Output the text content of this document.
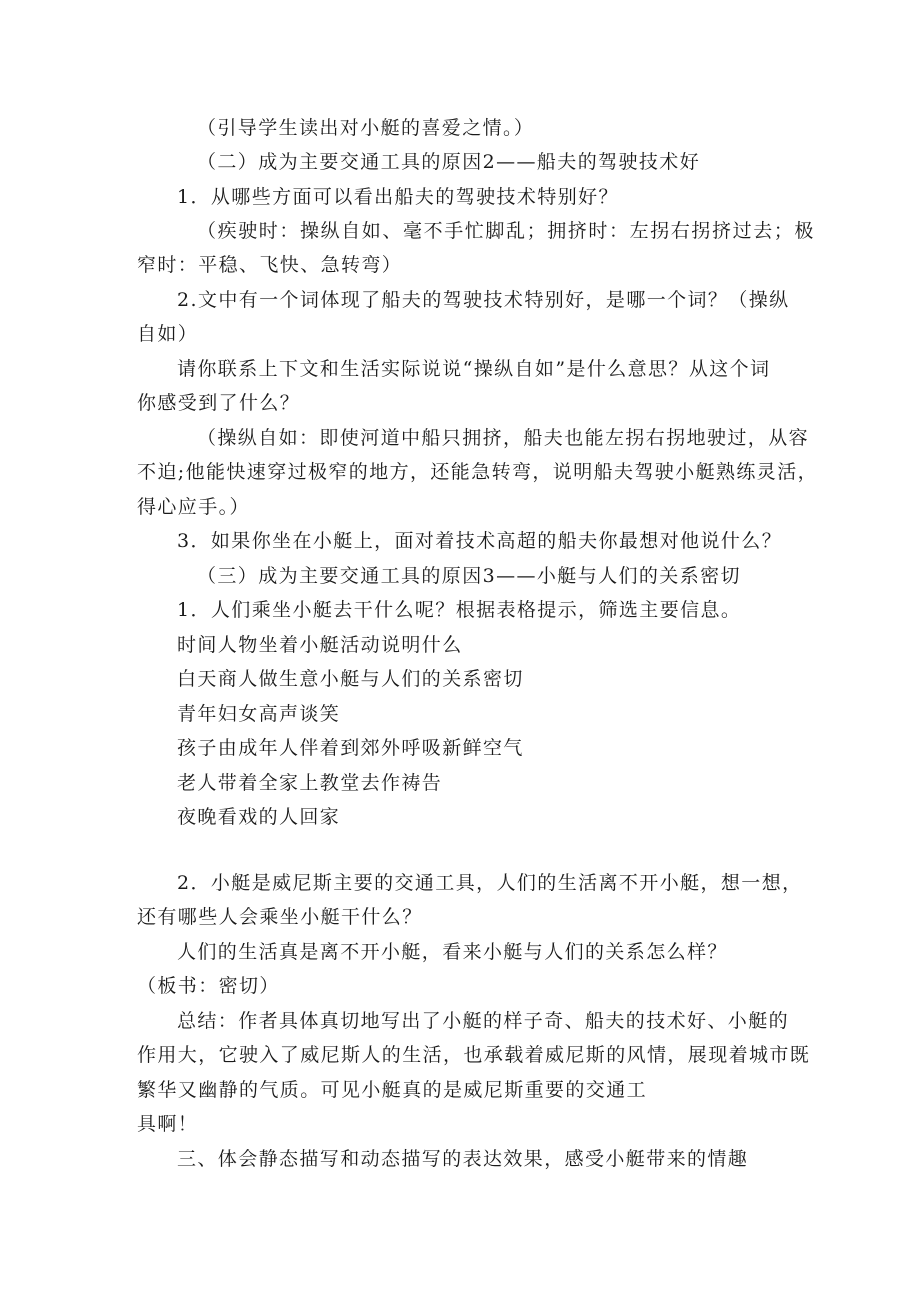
（引导学生读出对小艇的喜爱之情。）

（二）成为主要交通工具的原因2——船夫的驾驶技术好

1．从哪些方面可以看出船夫的驾驶技术特别好？

（疾驶时：操纵自如、毫不手忙脚乱；拥挤时：左拐右拐挤过去；极

窄时：平稳、飞快、急转弯）

2.文中有一个词体现了船夫的驾驶技术特别好，是哪一个词？（操纵

自如）

请你联系上下文和生活实际说说“操纵自如”是什么意思？从这个词

你感受到了什么？

（操纵自如：即使河道中船只拥挤，船夫也能左拐右拐地驶过，从容

不迫;他能快速穿过极窄的地方，还能急转弯，说明船夫驾驶小艇熟练灵活，

得心应手。）

3．如果你坐在小艇上，面对着技术高超的船夫你最想对他说什么？

（三）成为主要交通工具的原因3——小艇与人们的关系密切

1．人们乘坐小艇去干什么呢？根据表格提示，筛选主要信息。

时间人物坐着小艇活动说明什么

白天商人做生意小艇与人们的关系密切

青年妇女高声谈笑

孩子由成年人伴着到郊外呼吸新鲜空气

老人带着全家上教堂去作祷告

夜晚看戏的人回家

2．小艇是威尼斯主要的交通工具，人们的生活离不开小艇，想一想，

还有哪些人会乘坐小艇干什么？

人们的生活真是离不开小艇，看来小艇与人们的关系怎么样？

（板书：密切）

总结：作者具体真切地写出了小艇的样子奇、船夫的技术好、小艇的

作用大，它驶入了威尼斯人的生活，也承载着威尼斯的风情，展现着城市既

繁华又幽静的气质。可见小艇真的是威尼斯重要的交通工

具啊！

三、体会静态描写和动态描写的表达效果，感受小艇带来的情趣
